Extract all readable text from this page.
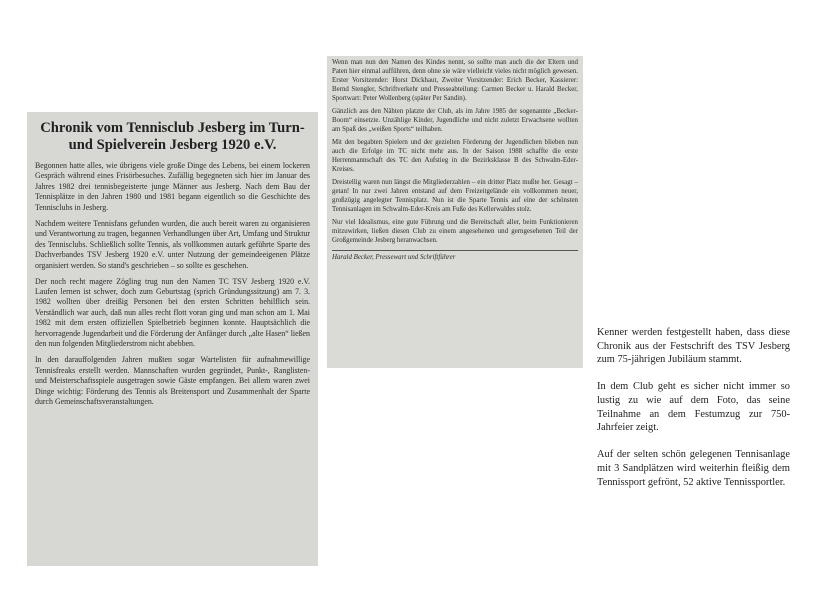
Chronik vom Tennisclub Jesberg im Turn- und Spielverein Jesberg 1920 e.V.

Begonnen hatte alles, wie übrigens viele große Dinge des Lebens, bei einem lockeren Gespräch während eines Frisörbesuches. Zufällig begegneten sich hier im Januar des Jahres 1982 drei tennisbegeisterte junge Männer aus Jesberg. Nach dem Bau der Tennisplätze in den Jahren 1980 und 1981 begann eigentlich so die Geschichte des Tennisclubs in Jesberg.

Nachdem weitere Tennisfans gefunden wurden, die auch bereit waren zu organisieren und Verantwortung zu tragen, begannen Verhandlungen über Art, Umfang und Struktur des Tennisclubs. Schließlich sollte Tennis, als vollkommen autark geführte Sparte des Dachverbandes TSV Jesberg 1920 e.V. unter Nutzung der gemeindeeigenen Plätze organisiert werden. So stand's geschrieben – so sollte es geschehen.

Der noch recht magere Zögling trug nun den Namen TC TSV Jesberg 1920 e.V. Laufen lernen ist schwer, doch zum Geburtstag (sprich Gründungssitzung) am 7. 3. 1982 wollten über dreißig Personen bei den ersten Schritten behilflich sein. Verständlich war auch, daß nun alles recht flott voran ging und man schon am 1. Mai 1982 mit dem ersten offiziellen Spielbetrieb beginnen konnte. Hauptsächlich die hervorragende Jugendarbeit und die Förderung der Anfänger durch „alte Hasen“ ließen den nun folgenden Mitgliederstrom nicht abebben.

In den darauffolgenden Jahren mußten sogar Wartelisten für aufnahmewillige Tennisfreaks erstellt werden. Mannschaften wurden gegründet, Punkt-, Ranglisten- und Meisterschaftsspiele ausgetragen sowie Gäste empfangen. Bei allem waren zwei Dinge wichtig: Förderung des Tennis als Breitensport und Zusammenhalt der Sparte durch Gemeinschaftsveranstaltungen.

Wenn man nun den Namen des Kindes nennt, so sollte man auch die der Eltern und Paten hier einmal aufführen, denn ohne sie wäre vielleicht vieles nicht möglich gewesen. Erster Vorsitzender: Horst Dickhaut, Zweiter Vorsitzender: Erich Becker, Kassierer: Bernd Stengler, Schriftverkehr und Presseabteilung: Carmen Becker u. Harald Becker, Sportwart: Peter Wollenberg (später Per Sandin).

Gänzlich aus den Nähten platzte der Club, als im Jahre 1985 der sogenannte „Becker-Boom“ einsetzte. Unzählige Kinder, Jugendliche und nicht zuletzt Erwachsene wollten am Spaß des „weißen Sports“ teilhaben.

Mit den begabten Spielern und der gezielten Förderung der Jugendlichen blieben nun auch die Erfolge im TC nicht mehr aus. In der Saison 1988 schaffte die erste Herrenmannschaft des TC den Aufstieg in die Bezirksklasse B des Schwalm-Eder-Kreises.

Dreistellig waren nun längst die Mitgliederzahlen – ein dritter Platz mußte her. Gesagt – getan! In nur zwei Jahren entstand auf dem Freizeitgelände ein vollkommen neuer, großzügig angelegter Tennisplatz. Nun ist die Sparte Tennis auf eine der schönsten Tennisanlagen im Schwalm-Eder-Kreis am Fuße des Kellerwaldes stolz.

Nur viel Idealismus, eine gute Führung und die Bereitschaft aller, beim Funktionieren mitzuwirken, ließen diesen Club zu einem angesehenen und gerngesehenen Teil der Großgemeinde Jesberg heranwachsen.

Harald Becker, Pressewart und Schriftführer

Kenner werden festgestellt haben, dass diese Chronik aus der Festschrift des TSV Jesberg zum 75-jährigen Jubiläum stammt.

In dem Club geht es sicher nicht immer so lustig zu wie auf dem Foto, das seine Teilnahme an dem Festumzug zur 750-Jahrfeier zeigt.

Auf der selten schön gelegenen Tennisanlage mit 3 Sandplätzen wird weiterhin fleißig dem Tennissport gefrönt, 52 aktive Tennissportler.
